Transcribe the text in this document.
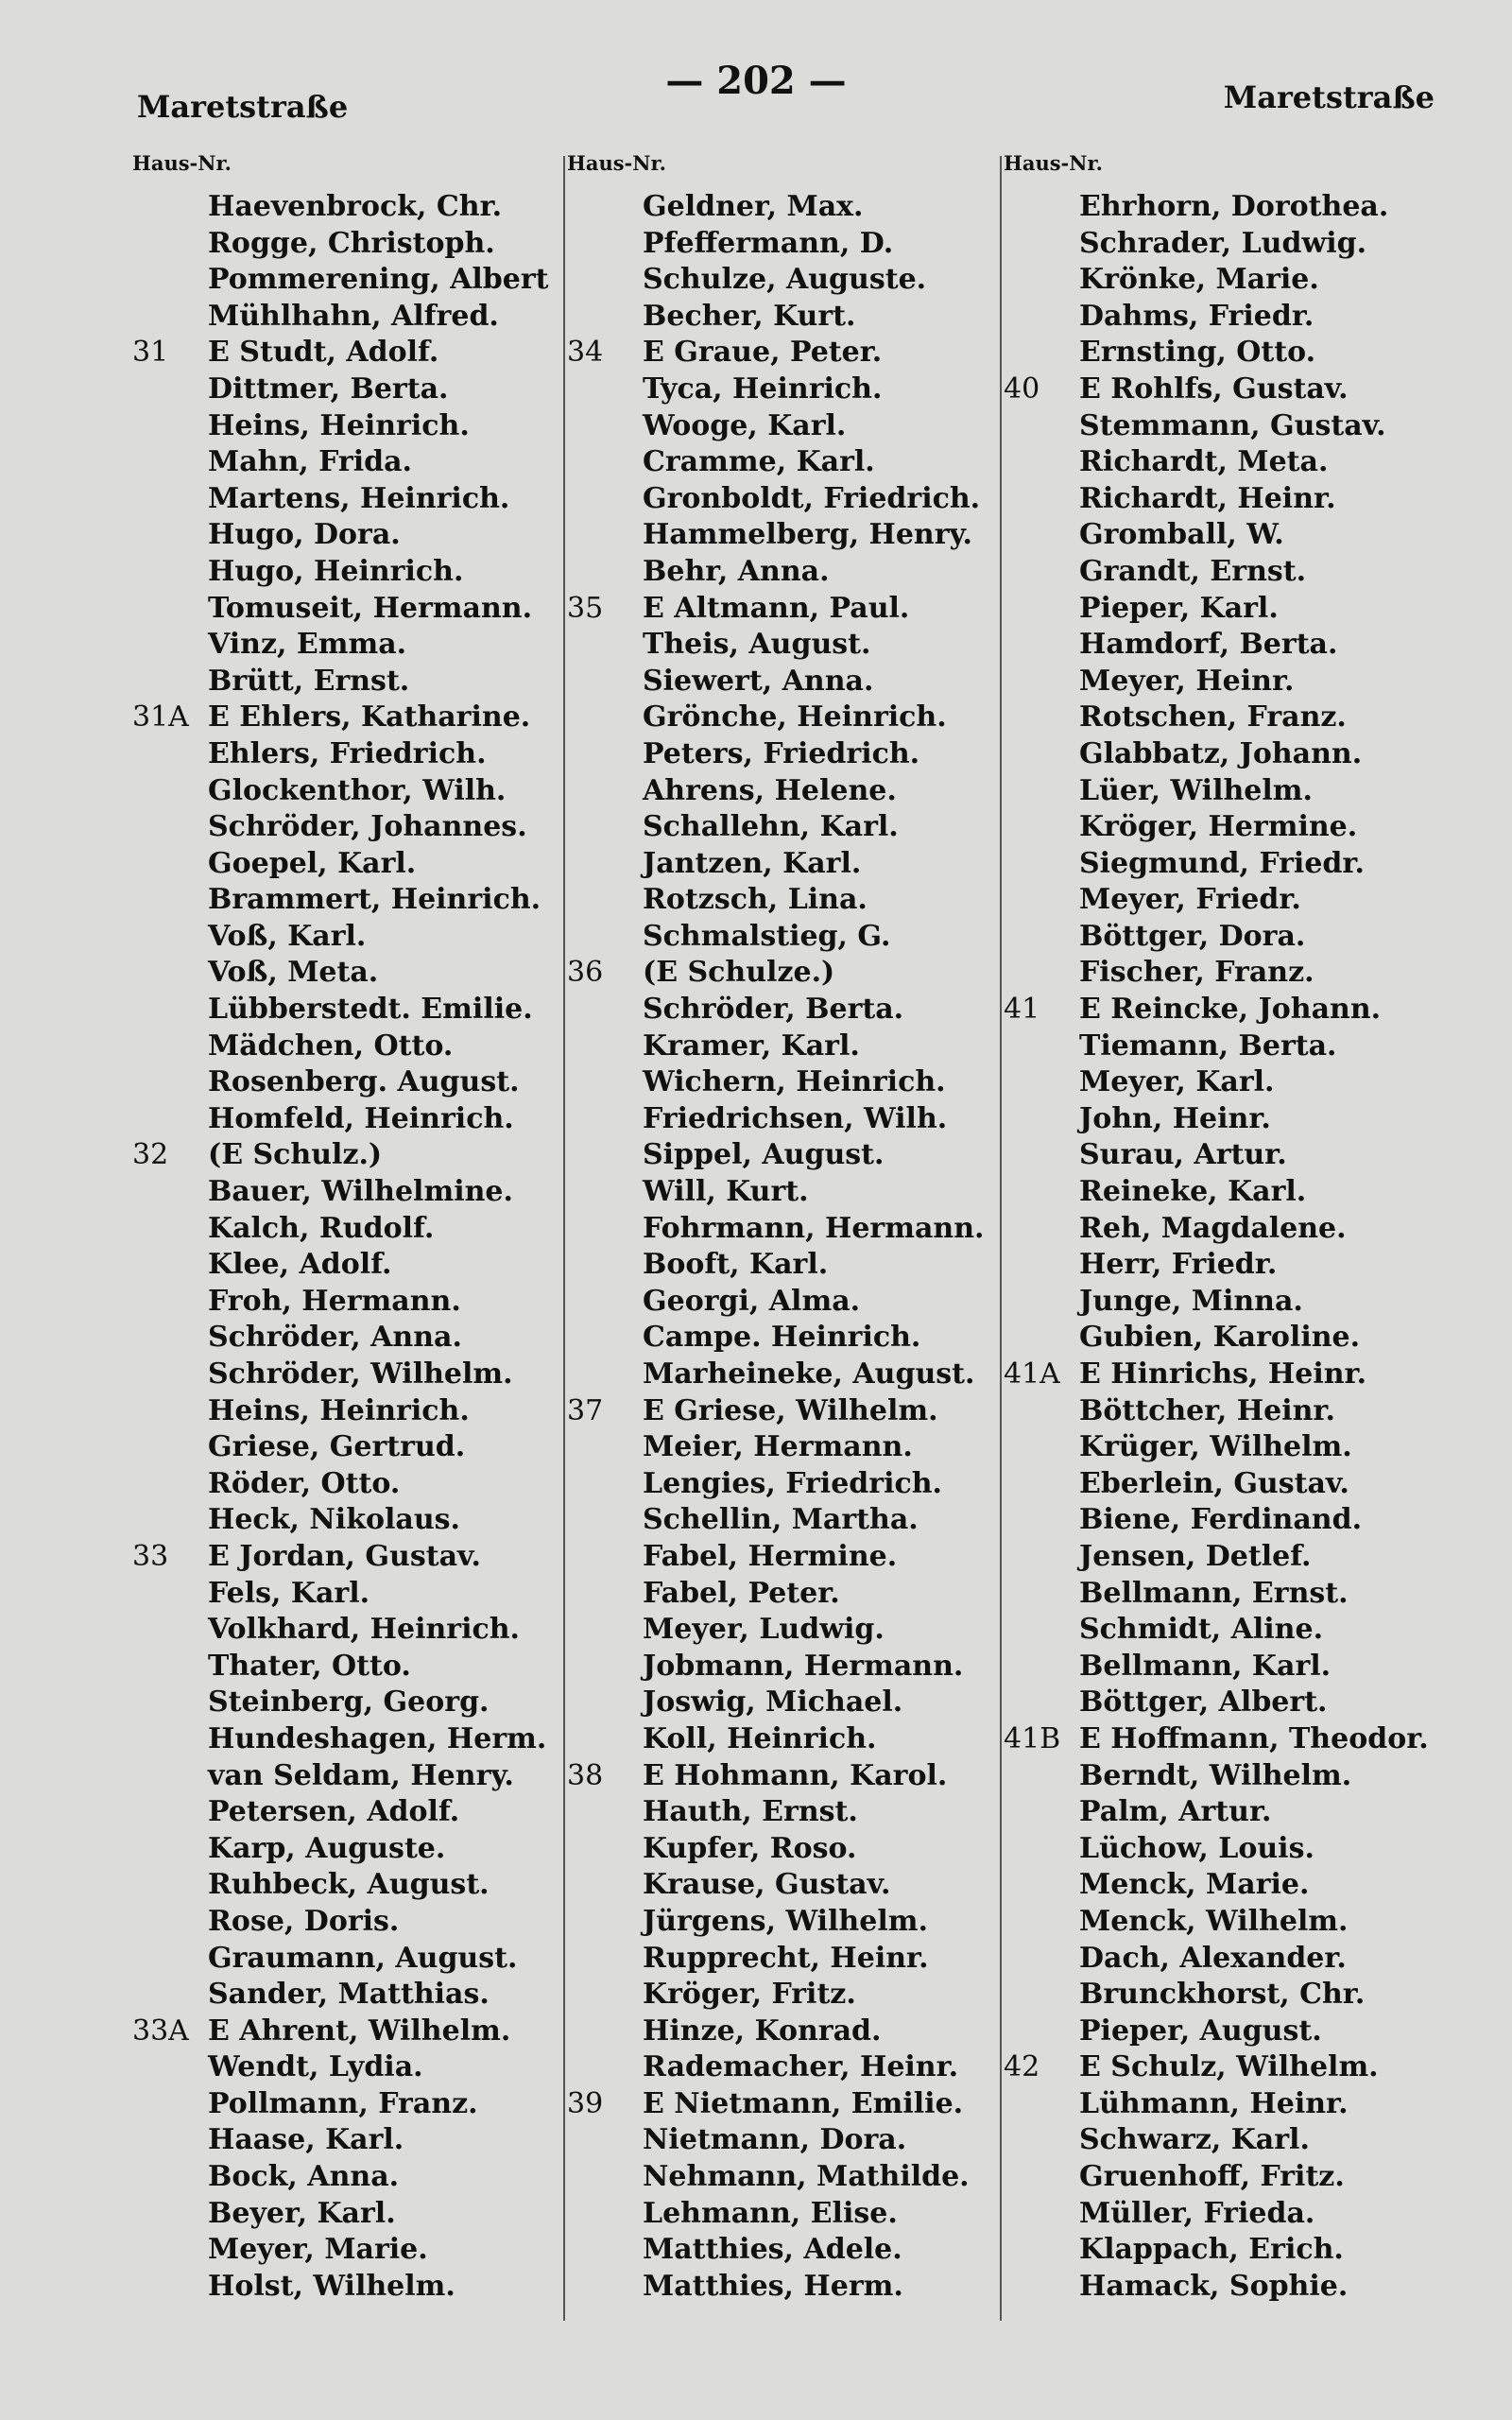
Maretstraße
— 202 —	Maretstraße
Haus-Nr.
Haevenbrock, Chr.
Rogge, Christoph.
Pommerening, Albert
Mühlhahn, Alfred.
31	E Studt, Adolf.
Dittmer, Berta.
Heins, Heinrich.
Mahn, Frida.
Martens, Heinrich.
Hugo, Dora.
Hugo, Heinrich.
Tomuseit, Hermann.
Vinz, Emma.
Brütt, Ernst.
31A E Ehlers, Katharine.
Ehlers, Friedrich.
Glockenthor, Wilh.
Schröder, Johannes.
Goepel, Karl.
Brammert, Heinrich.
Voß, Karl.
Voß, Meta.
Lübberstedt. Emilie.
Mädchen, Otto.
Rosenberg. August.
Homfeld, Heinrich.
32	(E Schulz.)
Bauer, Wilhelmine.
Kalch, Rudolf.
Klee, Adolf.
Froh, Hermann.
Schröder, Anna.
Schröder, Wilhelm.
Heins, Heinrich.
Griese, Gertrud.
Röder, Otto.
Heck, Nikolaus.
33	E Jordan, Gustav.
Fels, Karl.
Volkhard, Heinrich.
Thater, Otto.
Steinberg, Georg.
Hundeshagen, Herm.
van Seldam, Henry.
Petersen, Adolf.
Karp, Auguste.
Ruhbeck, August.
Rose, Doris.
Graumann, August.
Sander, Matthias.
33A E Ahrent, Wilhelm.
Wendt, Lydia.
Pollmann, Franz.
Haase, Karl.
Bock, Anna.
Beyer, Karl.
Meyer, Marie.
Holst, Wilhelm.
Haus-Nr.
Geldner, Max.
Pfeffermann, D.
Schulze, Auguste.
Becher, Kurt.
34	E Graue, Peter.
Tyca, Heinrich.
Wooge, Karl.
Cramme, Karl.
Gronboldt, Friedrich.
Hammelberg, Henry.
Behr, Anna.
35	E Altmann, Paul.
Theis, August.
Siewert, Anna.
Grönche, Heinrich.
Peters, Friedrich.
Ahrens, Helene.
Schallehn, Karl.
Jantzen, Karl.
Rotzsch, Lina.
Schmalstieg, G.
36	(E Schulze.)
Schröder, Berta.
Kramer, Karl.
Wichern, Heinrich.
Friedrichsen, Wilh.
Sippel, August.
Will, Kurt.
Fohrmann, Hermann.
Booft, Karl.
Georgi, Alma.
Campe. Heinrich.
Marheineke, August.
37	E Griese, Wilhelm.
Meier, Hermann.
Lengies, Friedrich.
Schellin, Martha.
Fabel, Hermine.
Fabel, Peter.
Meyer, Ludwig.
Jobmann, Hermann.
Joswig, Michael.
Koll, Heinrich.
38	E Hohmann, Karol.
Hauth, Ernst.
Kupfer, Roso.
Krause, Gustav.
Jürgens, Wilhelm.
Rupprecht, Heinr.
Kröger, Fritz.
Hinze, Konrad.
Rademacher, Heinr.
39	E Nietmann, Emilie.
Nietmann, Dora.
Nehmann, Mathilde.
Lehmann, Elise.
Matthies, Adele.
Matthies, Herm.
Haus-Nr.
Ehrhorn, Dorothea.
Schrader, Ludwig.
Krönke, Marie.
Dahms, Friedr.
Ernsting, Otto.
40	E Rohlfs, Gustav.
Stemmann, Gustav.
Richardt, Meta.
Richardt, Heinr.
Gromball, W.
Grandt, Ernst.
Pieper, Karl.
Hamdorf, Berta.
Meyer, Heinr.
Rotschen, Franz.
Glabbatz, Johann.
Lüer, Wilhelm.
Kröger, Hermine.
Siegmund, Friedr.
Meyer, Friedr.
Böttger, Dora.
Fischer, Franz.
41	E Reincke, Johann.
Tiemann, Berta.
Meyer, Karl.
John, Heinr.
Surau, Artur.
Reineke, Karl.
Reh, Magdalene.
Herr, Friedr.
Junge, Minna.
Gubien, Karoline.
41A E Hinrichs, Heinr.
Böttcher, Heinr.
Krüger, Wilhelm.
Eberlein, Gustav.
Biene, Ferdinand.
Jensen, Detlef.
Bellmann, Ernst.
Schmidt, Aline.
Bellmann, Karl.
Böttger, Albert.
41B E Hoffmann, Theodor.
Berndt, Wilhelm.
Palm, Artur.
Lüchow, Louis.
Menck, Marie.
Menck, Wilhelm.
Dach, Alexander.
Brunckhorst, Chr.
Pieper, August.
42	E Schulz, Wilhelm.
Lühmann, Heinr.
Schwarz, Karl.
Gruenhoff, Fritz.
Müller, Frieda.
Klappach, Erich.
Hamack, Sophie.
